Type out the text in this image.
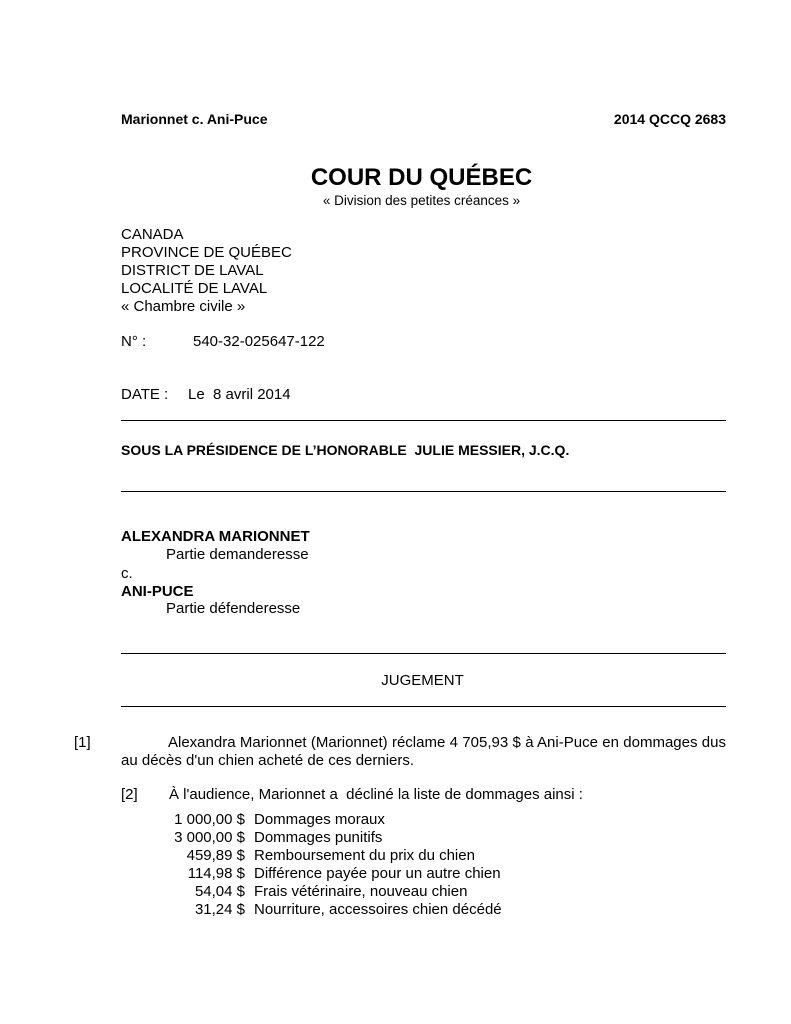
Marionnet c. Ani-Puce	2014 QCCQ 2683
COUR DU QUÉBEC
« Division des petites créances »
CANADA
PROVINCE DE QUÉBEC
DISTRICT DE LAVAL
LOCALITÉ DE LAVAL
« Chambre civile »
N° :	540-32-025647-122
DATE : Le  8 avril 2014
SOUS LA PRÉSIDENCE DE L’HONORABLE  JULIE MESSIER, J.C.Q.
ALEXANDRA MARIONNET
Partie demanderesse
c.
ANI-PUCE
Partie défenderesse
JUGEMENT
[1]	Alexandra Marionnet (Marionnet) réclame 4 705,93 $ à Ani-Puce en dommages dus au décès d'un chien acheté de ces derniers.
[2] À l'audience, Marionnet a  décliné la liste de dommages ainsi :
1 000,00 $ Dommages moraux
3 000,00 $ Dommages punitifs
459,89 $ Remboursement du prix du chien
114,98 $ Différence payée pour un autre chien
54,04 $ Frais vétérinaire, nouveau chien
31,24 $ Nourriture, accessoires chien décédé
